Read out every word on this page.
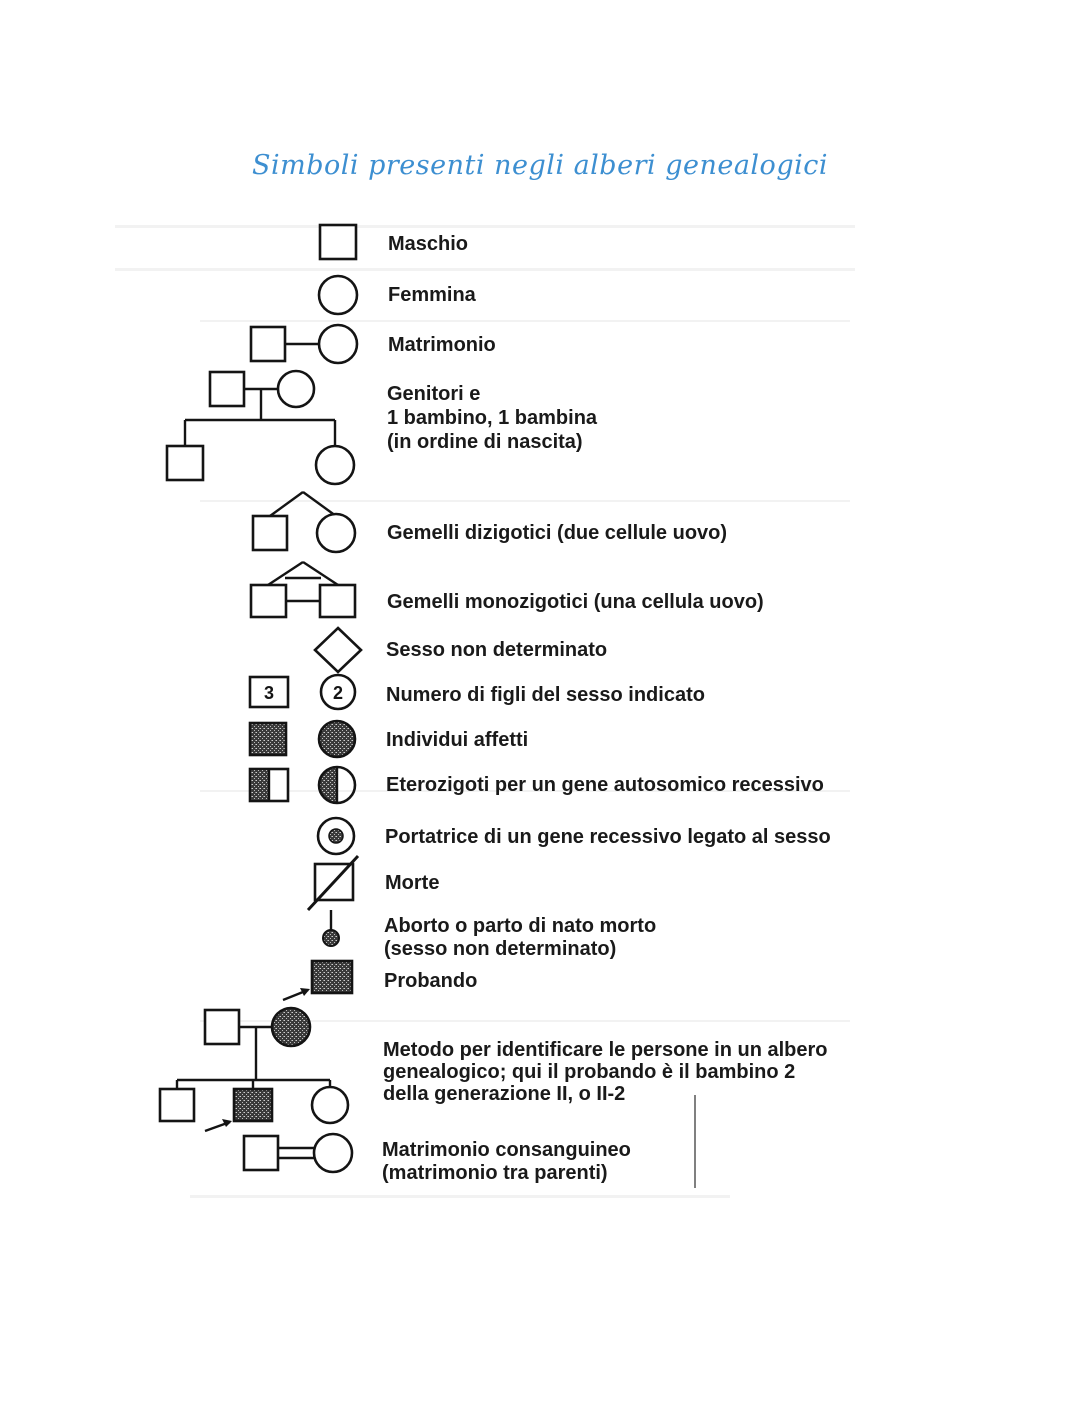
Simboli presenti negli alberi genealogici
3	2
Maschio
Femmina
Matrimonio
Genitori e
1 bambino, 1 bambina
(in ordine di nascita)
Gemelli dizigotici (due cellule uovo)
Gemelli monozigotici (una cellula uovo)
Sesso non determinato
Numero di figli del sesso indicato
Individui affetti
Eterozigoti per un gene autosomico recessivo
Portatrice di un gene recessivo legato al sesso
Morte
Aborto o parto di nato morto
(sesso non determinato)
Probando
Metodo per identificare le persone in un albero
genealogico; qui il probando è il bambino 2
della generazione II, o II-2
Matrimonio consanguineo
(matrimonio tra parenti)
